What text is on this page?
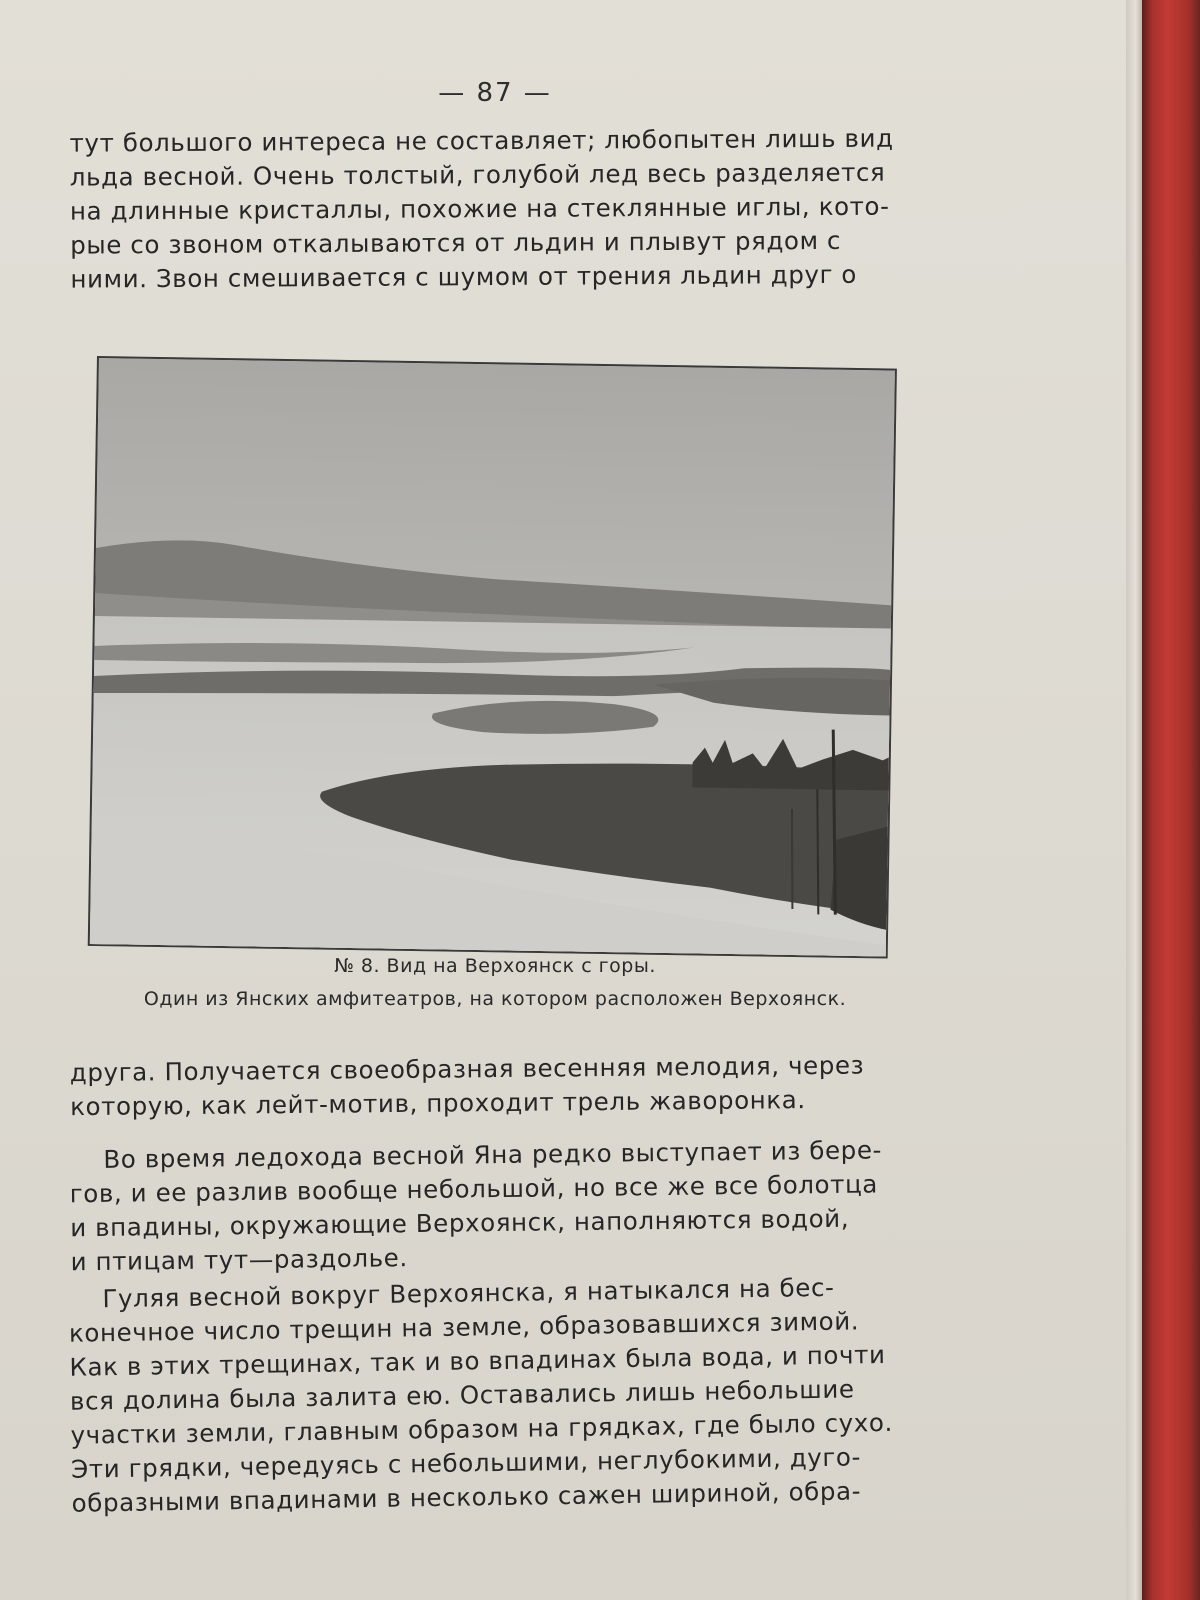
— 87 —

тут большого интереса не составляет; любопытен лишь вид
льда весной. Очень толстый, голубой лед весь разделяется
на длинные кристаллы, похожие на стеклянные иглы, кото-
рые со звоном откалываются от льдин и плывут рядом с
ними. Звон смешивается с шумом от трения льдин друг о

№ 8. Вид на Верхоянск с горы.
Один из Янских амфитеатров, на котором расположен Верхоянск.

друга. Получается своеобразная весенняя мелодия, через
которую, как лейт-мотив, проходит трель жаворонка.

Во время ледохода весной Яна редко выступает из бере-
гов, и ее разлив вообще небольшой, но все же все болотца
и впадины, окружающие Верхоянск, наполняются водой,
и птицам тут—раздолье.

Гуляя весной вокруг Верхоянска, я натыкался на бес-
конечное число трещин на земле, образовавшихся зимой.
Как в этих трещинах, так и во впадинах была вода, и почти
вся долина была залита ею. Оставались лишь небольшие
участки земли, главным образом на грядках, где было сухо.
Эти грядки, чередуясь с небольшими, неглубокими, дуго-
образными впадинами в несколько сажен шириной, обра-
